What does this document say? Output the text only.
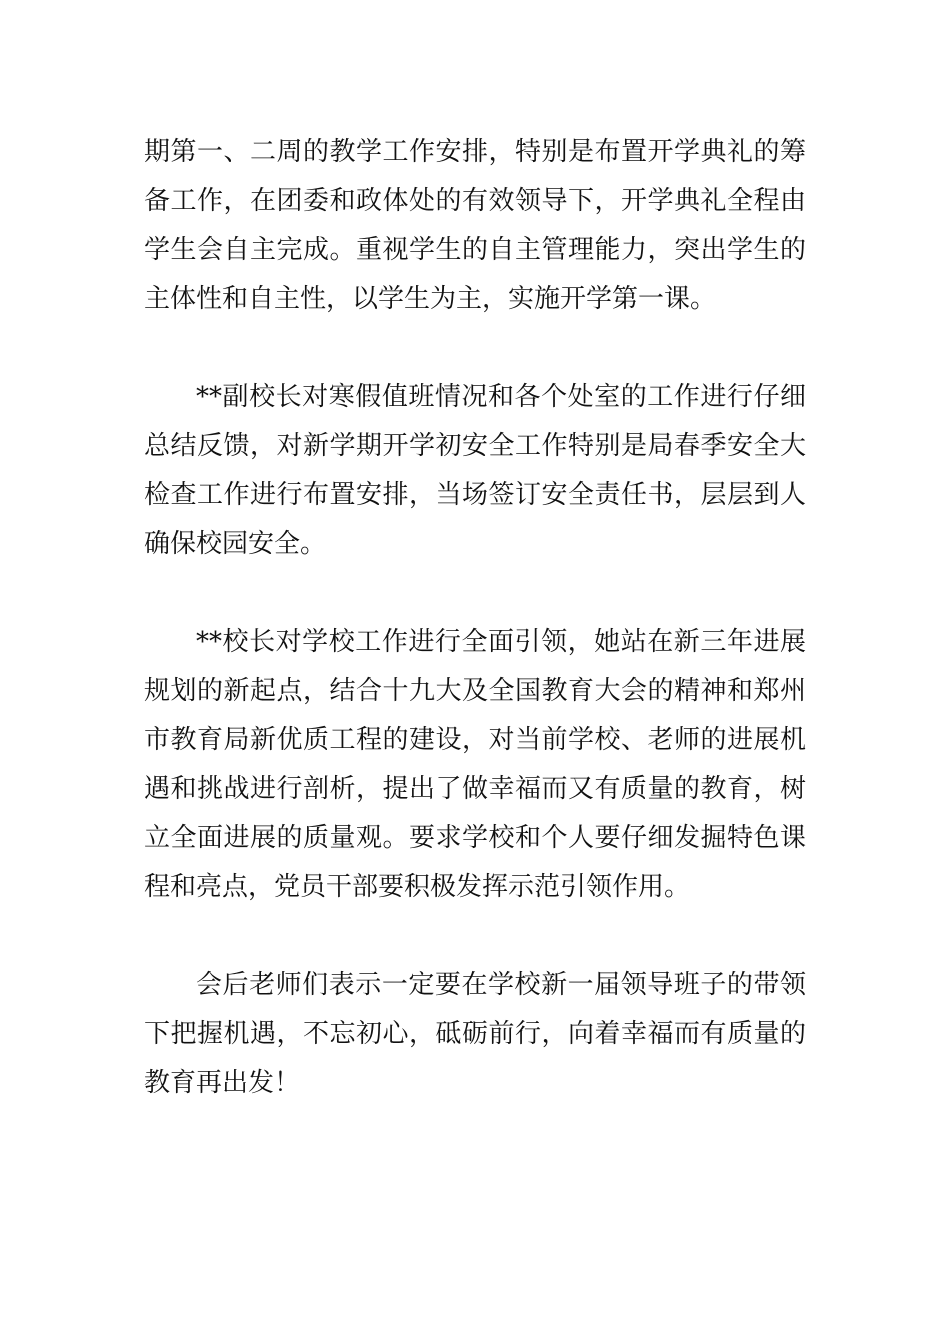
期第一、二周的教学工作安排，特别是布置开学典礼的筹备工作，在团委和政体处的有效领导下，开学典礼全程由学生会自主完成。重视学生的自主管理能力，突出学生的主体性和自主性，以学生为主，实施开学第一课。

**副校长对寒假值班情况和各个处室的工作进行仔细总结反馈，对新学期开学初安全工作特别是局春季安全大检查工作进行布置安排，当场签订安全责任书，层层到人确保校园安全。

**校长对学校工作进行全面引领，她站在新三年进展规划的新起点，结合十九大及全国教育大会的精神和郑州市教育局新优质工程的建设，对当前学校、老师的进展机遇和挑战进行剖析，提出了做幸福而又有质量的教育，树立全面进展的质量观。要求学校和个人要仔细发掘特色课程和亮点，党员干部要积极发挥示范引领作用。

会后老师们表示一定要在学校新一届领导班子的带领下把握机遇，不忘初心，砥砺前行，向着幸福而有质量的教育再出发！
